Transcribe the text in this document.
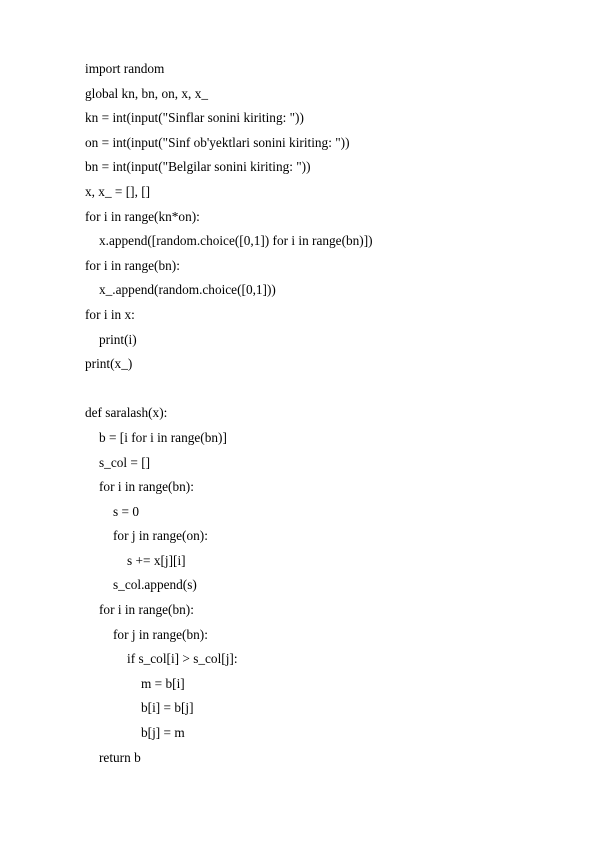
import random
global kn, bn, on, x, x_
kn = int(input("Sinflar sonini kiriting: "))
on = int(input("Sinf ob'yektlari sonini kiriting: "))
bn = int(input("Belgilar sonini kiriting: "))
x, x_ = [], []
for i in range(kn*on):
x.append([random.choice([0,1]) for i in range(bn)])
for i in range(bn):
x_.append(random.choice([0,1]))
for i in x:
print(i)
print(x_)
def saralash(x):
b = [i for i in range(bn)]
s_col = []
for i in range(bn):
s = 0
for j in range(on):
s += x[j][i]
s_col.append(s)
for i in range(bn):
for j in range(bn):
if s_col[i] > s_col[j]:
m = b[i]
b[i] = b[j]
b[j] = m
return b
